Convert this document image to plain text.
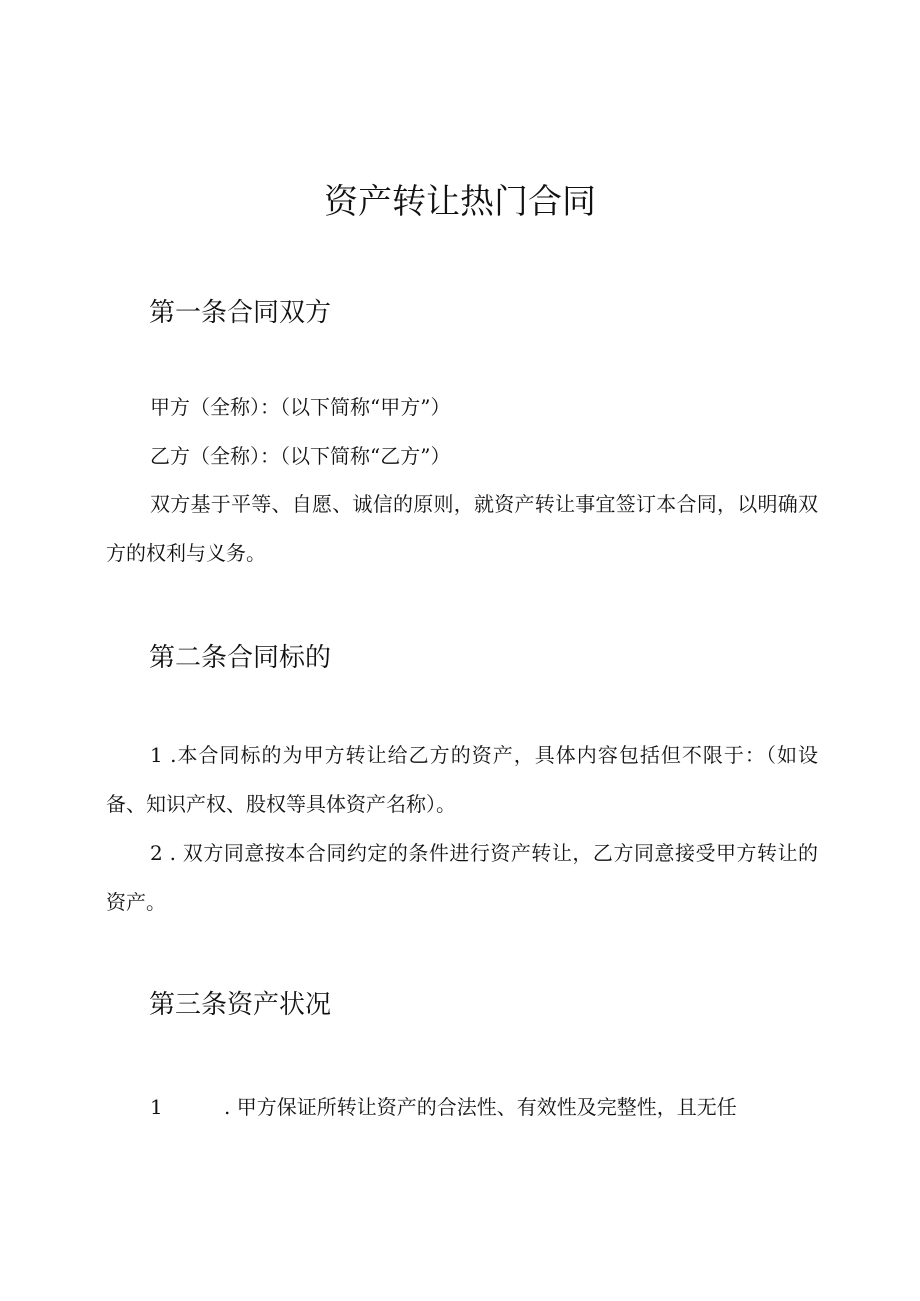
资产转让热门合同
第一条合同双方

甲方（全称）：（以下简称“甲方”）

乙方（全称）：（以下简称“乙方”）

双方基于平等、自愿、诚信的原则，就资产转让事宜签订本合同，以明确双方的权利与义务。

第二条合同标的

1 .本合同标的为甲方转让给乙方的资产，具体内容包括但不限于：（如设备、知识产权、股权等具体资产名称）。

2 . 双方同意按本合同约定的条件进行资产转让，乙方同意接受甲方转让的资产。

第三条资产状况

1	. 甲方保证所转让资产的合法性、有效性及完整性，且无任
